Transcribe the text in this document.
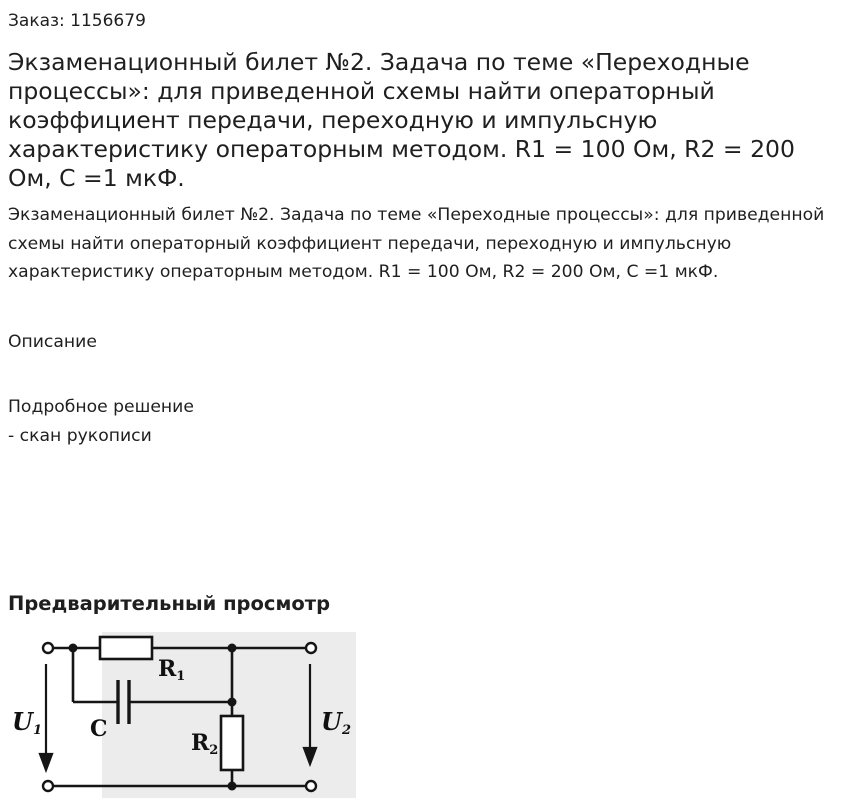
Заказ: 1156679
Экзаменационный билет №2. Задача по теме «Переходные процессы»: для приведенной схемы найти операторный коэффициент передачи, переходную и импульсную характеристику операторным методом. R1 = 100 Ом, R2 = 200 Ом, С =1 мкФ.
Экзаменационный билет №2. Задача по теме «Переходные процессы»: для приведенной схемы найти операторный коэффициент передачи, переходную и импульсную характеристику операторным методом. R1 = 100 Ом, R2 = 200 Ом, С =1 мкФ.
Описание
Подробное решение
- скан рукописи
Предварительный просмотр
R1
C
R2
U1	U2
